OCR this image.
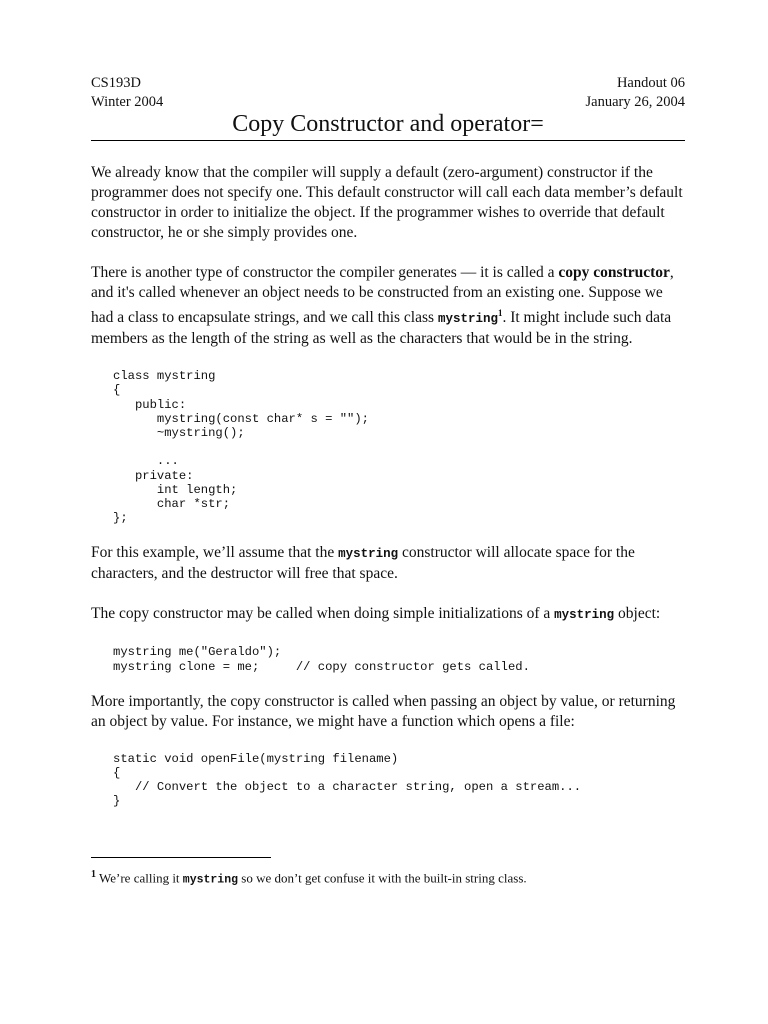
CS193D	Handout 06
Winter 2004	January 26, 2004
Copy Constructor and operator=

We already know that the compiler will supply a default (zero-argument) constructor if the programmer does not specify one. This default constructor will call each data member’s default constructor in order to initialize the object. If the programmer wishes to override that default constructor, he or she simply provides one.

There is another type of constructor the compiler generates — it is called a copy constructor, and it's called whenever an object needs to be constructed from an existing one. Suppose we had a class to encapsulate strings, and we call this class mystring$^1$. It might include such data members as the length of the string as well as the characters that would be in the string.

class mystring
{
public:
mystring(const char* s = "");
~mystring();

...
private:
int length;
char *str;
};

For this example, we’ll assume that the mystring constructor will allocate space for the characters, and the destructor will free that space.

The copy constructor may be called when doing simple initializations of a mystring object:

mystring me("Geraldo");
mystring clone = me;     // copy constructor gets called.

More importantly, the copy constructor is called when passing an object by value, or returning an object by value. For instance, we might have a function which opens a file:

static void openFile(mystring filename)
{
// Convert the object to a character string, open a stream...
}
$^1$ We’re calling it mystring so we don’t get confuse it with the built-in string class.
